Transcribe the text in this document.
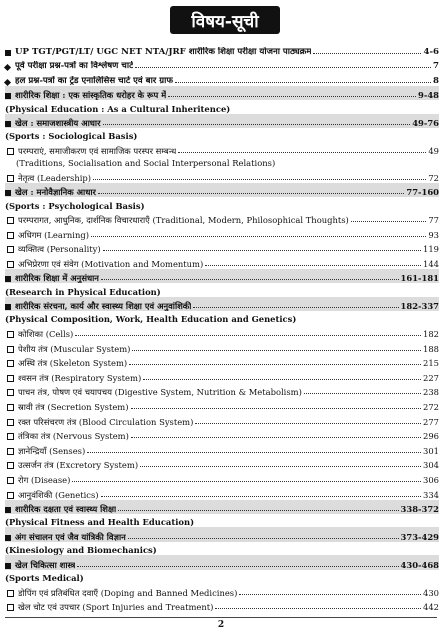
विषय-सूची
UP TGT/PGT/LT/ UGC NET NTA/JRF शारीरिक शिक्षा परीक्षा योजना पाठ्यक्रम	4-6
पूर्व परीक्षा प्रश्न-पत्रों का विश्लेषण चार्ट	7
हल प्रश्न-पत्रों का ट्रेंड एनालिसिस चार्ट एवं बार ग्राफ	8
शारीरिक शिक्षा : एक सांस्कृतिक धरोहर के रूप में	9-48
(Physical Education : As a Cultural Inheritence)
खेल : समाजशास्त्रीय आधार	49-76
(Sports : Sociological Basis)
परम्पराएं, समाजीकरण एवं सामाजिक परस्पर सम्बन्ध	49
(Traditions, Socialisation and Social Interpersonal Relations)
नेतृत्व (Leadership)	72
खेल : मनोवैज्ञानिक आधार	77-160
(Sports : Psychological Basis)
परम्परागत, आधुनिक, दार्शनिक विचारधाराएँ (Traditional, Modern, Philosophical Thoughts)	77
अधिगम (Learning)	93
व्यक्तित्व (Personality)	119
अभिप्रेरणा एवं संवेग (Motivation and Momentum)	144
शारीरिक शिक्षा में अनुसंधान	161-181
(Research in Physical Education)
शारीरिक संरचना, कार्य और स्वास्थ्य शिक्षा एवं अनुवांशिकी	182-337
(Physical Composition, Work, Health Education and Genetics)
कोशिका (Cells)	182
पेशीय तंत्र (Muscular System)	188
अस्थि तंत्र (Skeleton System)	215
श्वसन तंत्र (Respiratory System)	227
पाचन तंत्र, पोषण एवं चयापचय (Digestive System, Nutrition & Metabolism)	238
स्रावी तंत्र (Secretion System)	272
रक्त परिसंचरण तंत्र (Blood Circulation System)	277
तंत्रिका तंत्र (Nervous System)	296
ज्ञानेन्द्रियाँ (Senses)	301
उत्सर्जन तंत्र (Excretory System)	304
रोग (Disease)	306
आनुवंशिकी (Genetics)	334
शारीरिक दक्षता एवं स्वास्थ्य शिक्षा	338-372
(Physical Fitness and Health Education)
अंग संचालन एवं जैव यांत्रिकी विज्ञान	373-429
(Kinesiology and Biomechanics)
खेल चिकित्सा शास्त्र	430-468
(Sports Medical)
डोपिंग एवं प्रतिबंधित दवाएँ (Doping and Banned Medicines)	430
खेल चोट एवं उपचार (Sport Injuries and Treatment)	442
2
